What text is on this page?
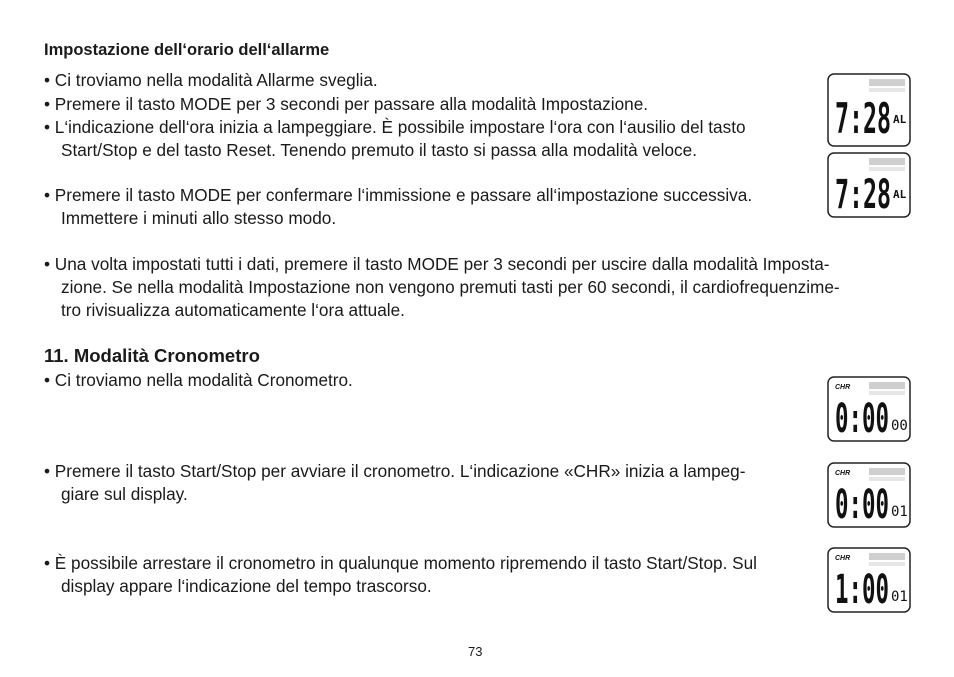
Impostazione dell‘orario dell‘allarme
• Ci troviamo nella modalità Allarme sveglia.
• Premere il tasto MODE per 3 secondi per passare alla modalità Impostazione.
• L‘indicazione dell‘ora inizia a lampeggiare. È possibile impostare l‘ora con l‘ausilio del tasto
Start/Stop e del tasto Reset. Tenendo premuto il tasto si passa alla modalità veloce.
• Premere il tasto MODE per confermare l‘immissione e passare all‘impostazione successiva.
Immettere i minuti allo stesso modo.
• Una volta impostati tutti i dati, premere il tasto MODE per 3 secondi per uscire dalla modalità Imposta-
zione. Se nella modalità Impostazione non vengono premuti tasti per 60 secondi, il cardiofrequenzime-
tro rivisualizza automaticamente l‘ora attuale.
11. Modalità Cronometro
• Ci troviamo nella modalità Cronometro.
• Premere il tasto Start/Stop per avviare il cronometro. L‘indicazione «CHR» inizia a lampeg-
giare sul display.
• È possibile arrestare il cronometro in qualunque momento ripremendo il tasto Start/Stop. Sul
display appare l‘indicazione del tempo trascorso.
7:28 AL
7:28 AL
CHR
0:00 00
CHR
0:00 01
CHR
1:00 01
73
